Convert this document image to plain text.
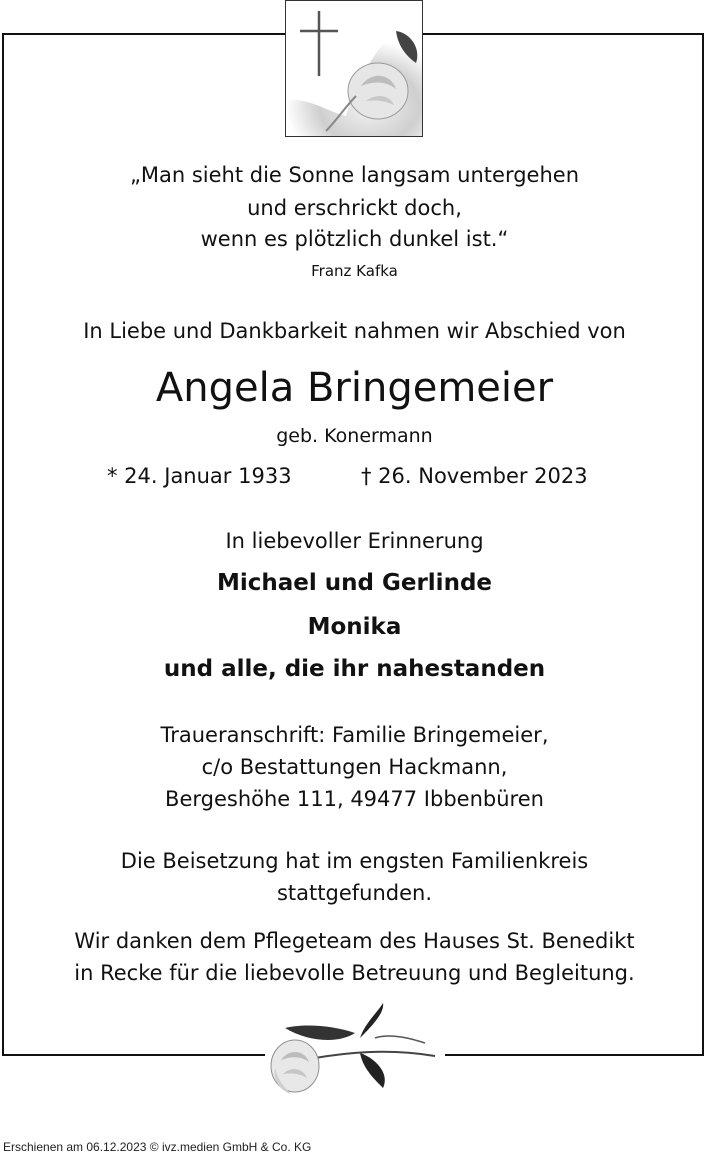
„Man sieht die Sonne langsam untergehen
und erschrickt doch,
wenn es plötzlich dunkel ist.“
Franz Kafka
In Liebe und Dankbarkeit nahmen wir Abschied von
Angela Bringemeier
geb. Konermann
* 24. Januar 1933	† 26. November 2023
In liebevoller Erinnerung
Michael und Gerlinde
Monika
und alle, die ihr nahestanden
Traueranschrift: Familie Bringemeier,
c/o Bestattungen Hackmann,
Bergeshöhe 111, 49477 Ibbenbüren
Die Beisetzung hat im engsten Familienkreis
stattgefunden.
Wir danken dem Pflegeteam des Hauses St. Benedikt
in Recke für die liebevolle Betreuung und Begleitung.
Erschienen am 06.12.2023 © ivz.medien GmbH & Co. KG
